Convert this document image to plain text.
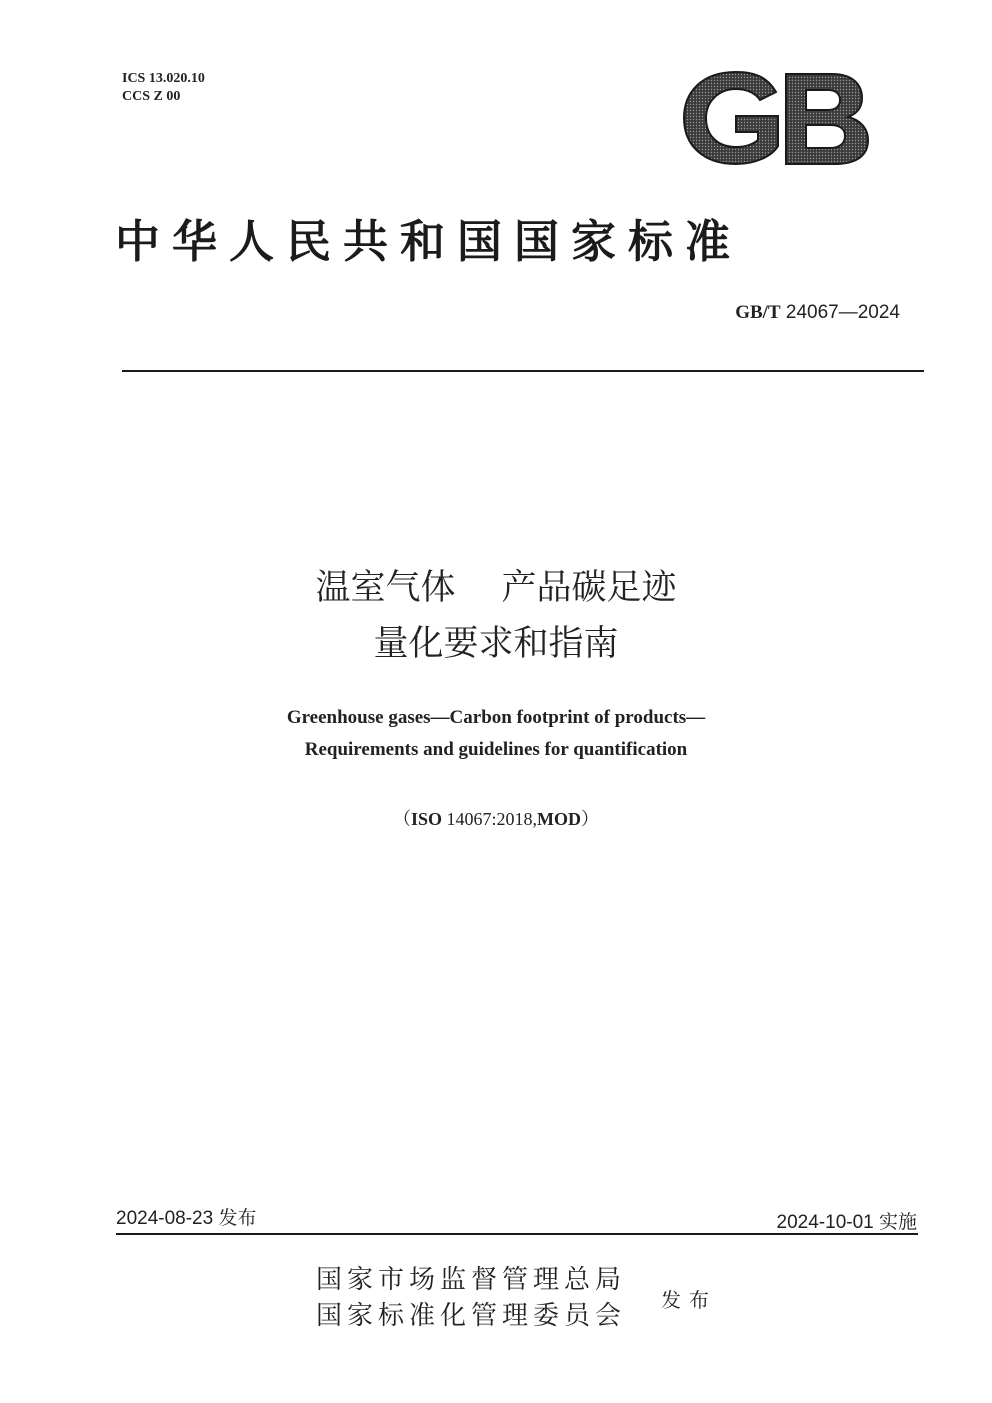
ICS 13.020.10
CCS Z 00
中华人民共和国国家标准
GB/T 24067—2024
温室气体 产品碳足迹
量化要求和指南
Greenhouse gases—Carbon footprint of products—
Requirements and guidelines for quantification
（ISO 14067:2018,MOD）
2024-08-23 发布	2024-10-01 实施
国家市场监督管理总局
国家标准化管理委员会
发布
